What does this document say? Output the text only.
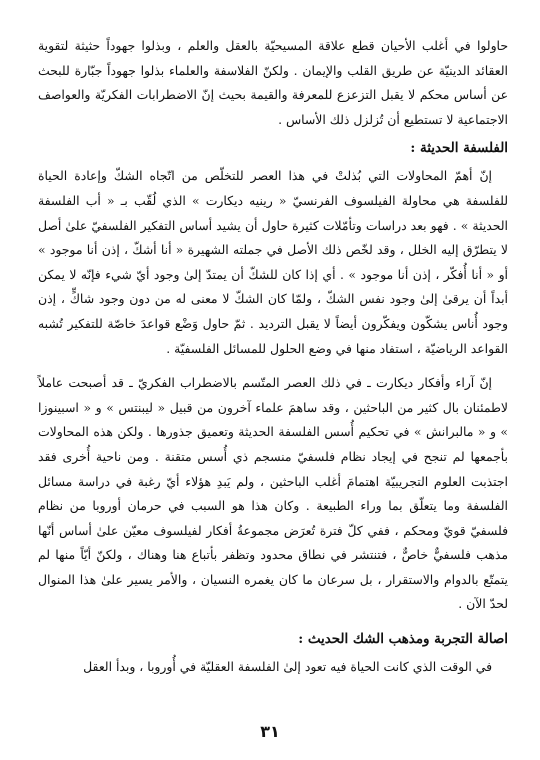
حاولوا في أغلب الأحيان قطع علاقة المسيحيّة بالعقل والعلم ، وبذلوا جهوداً حثيثة لتقوية العقائد الدينيّة عن طريق القلب والإيمان . ولكنّ الفلاسفة والعلماء بذلوا جهوداً جبّارة للبحث عن أساس محكم لا يقبل التزعزع للمعرفة والقيمة بحيث إنّ الاضطرابات الفكريّة والعواصف الاجتماعية لا تستطيع أن تُزلزل ذلك الأساس .

الفلسفة الحديثة :

إنّ أهمّ المحاولات التي بُذلتْ في هذا العصر للتخلّص من اتّجاه الشكّ وإعادة الحياة للفلسفة هي محاولة الفيلسوف الفرنسيّ « رينيه ديكارت » الذي لُقّب بـ « أب الفلسفة الحديثة » . فهو بعد دراسات وتأمّلات كثيرة حاول أن يشيد أساس التفكير الفلسفيّ علىٰ أصل لا يتطرّق إليه الخلل ، وقد لخّص ذلك الأصل في جملته الشهيرة « أنا أشكّ ، إذن أنا موجود » أو « أنا أُفكّر ، إذن أنا موجود » . أي إذا كان للشكّ أن يمتدّ إلىٰ وجود أيّ شيء فإنّه لا يمكن أبداً أن يرقىٰ إلىٰ وجود نفس الشكّ ، ولمّا كان الشكّ لا معنى له من دون وجود شاكٍّ ، إذن وجود أُناس يشكّون ويفكّرون أيضاً لا يقبل الترديد . ثمّ حاول وَضْع قواعدَ خاصّة للتفكير تُشبه القواعد الرياضيّة ، استفاد منها في وضع الحلول للمسائل الفلسفيّة .

إنّ آراء وأفكار ديكارت ـ في ذلك العصر المتّسم بالاضطراب الفكريّ ـ قد أصبحت عاملاً لاطمئنان بال كثير من الباحثين ، وقد ساهمَ علماء آخرون من قبيل « ليبنتس » و « اسبينوزا » و « مالبرانش » في تحكيم أُسس الفلسفة الحديثة وتعميق جذورها . ولكن هذه المحاولات بأجمعها لم تنجح في إيجاد نظام فلسفيّ منسجم ذي أُسس متقنة . ومن ناحية أُخرى فقد اجتذبت العلوم التجريبيّة اهتمامَ أغلب الباحثين ، ولم يَبدِ هؤلاء أيّ رغبة في دراسة مسائل الفلسفة وما يتعلّق بما وراء الطبيعة . وكان هذا هو السبب في حرمان أوروبا من نظام فلسفيّ قويّ ومحكم ، ففي كلّ فترة تُعرَض مجموعةُ أفكار لفيلسوف معيّن علىٰ أساس أنّها مذهب فلسفيٌّ خاصٌّ ، فتنتشر في نطاق محدود وتظفر بأتباع هنا وهناك ، ولكنّ أيّاً منها لم يتمتّع بالدوام والاستقرار ، بل سرعان ما كان يغمره النسيان ، والأمر يسير علىٰ هذا المنوال لحدّ الآن .

اصالة التجربة ومذهب الشك الحديث :

في الوقت الذي كانت الحياة فيه تعود إلىٰ الفلسفة العقليّة في أُوروبا ، وبدأ العقل

٣١
